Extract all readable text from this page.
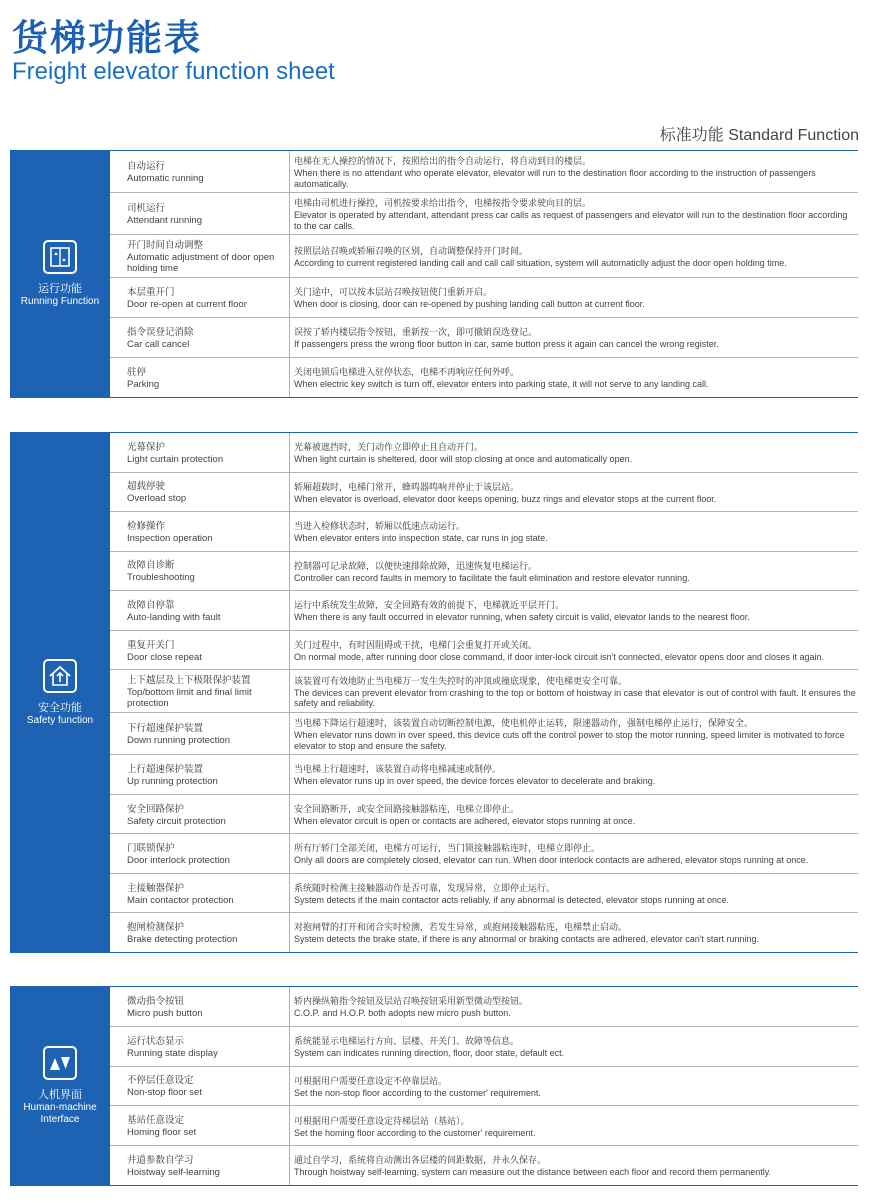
货梯功能表
Freight elevator function sheet
标准功能 Standard Function
运行功能
Running Function
自动运行
Automatic running
电梯在无人操控的情况下，按照给出的指令自动运行，将自动到目的楼层。
When there is no attendant who operate elevator, elevator will run to the destination floor according to the instruction of passengers automatically.
司机运行
Attendant running
电梯由司机进行操控，司机按要求给出指令，电梯按指令要求驶向目的层。
Elevator is operated by attendant, attendant press car calls as request of passengers and elevator will run to the destination floor according to the car calls.
开门时间自动调整
Automatic adjustment of door open holding time
按照层站召唤或轿厢召唤的区别，自动调整保持开门时间。
According to current registered landing call and call call situation, system will automaticlly adjust the door open holding time.
本层重开门
Door re-open at current floor
关门途中，可以按本层站召唤按钮使门重新开启。
When door is closing, door can re-opened by pushing landing call button at current floor.
指令误登记消除
Car call cancel
误按了轿内楼层指令按钮，重新按一次，即可撤销误选登记。
If passengers press the wrong floor button in car, same button press it again can cancel the wrong register.
驻停
Parking
关闭电锁后电梯进入驻停状态，电梯不再响应任何外呼。
When electric key switch is turn off, elevator enters into parking state, it will not serve to any landing call.
安全功能
Safety function
光幕保护
Light curtain protection
光幕被遮挡时，关门动作立即停止且自动开门。
When light curtain is sheltered, door will stop closing at once and automatically open.
超载停驶
Overload stop
轿厢超载时，电梯门常开，蜂鸣器鸣响并停止于该层站。
When elevator is overload, elevator door keeps opening, buzz rings and elevator stops at the current floor.
检修操作
Inspection operation
当进入检修状态时，轿厢以低速点动运行。
When elevator enters into inspection state, car runs in jog state.
故障自诊断
Troubleshooting
控制器可记录故障，以便快速排除故障，迅速恢复电梯运行。
Controller can record faults in memory to facilitate the fault elimination and restore elevator running.
故障自停靠
Auto-landing with fault
运行中系统发生故障，安全回路有效的前提下，电梯就近平层开门。
When there is any fault occurred in elevator running, when safety circuit is valid, elevator lands to the nearest floor.
重复开关门
Door close repeat
关门过程中，有时因阻碍或干扰，电梯门会重复打开或关闭。
On normal mode, after running door close command, if door inter-lock circuit isn't connected, elevator opens door and closes it again.
上下越层及上下极限保护装置
Top/bottom limit and final limit protection
该装置可有效地防止当电梯万一发生失控时的冲顶或撞底现象，使电梯更安全可靠。
The devices can prevent elevator from crashing to the top or bottom of hoistway in case that elevator is out of control with fault. It ensures the safety and reliability.
下行超速保护装置
Down running protection
当电梯下降运行超速时，该装置自动切断控制电源，使电机停止运转，限速器动作，强制电梯停止运行，保障安全。
When elevator runs down in over speed, this device cuts off the control power to stop the motor running, speed limiter is motivated to force elevator to stop and ensure the safety.
上行超速保护装置
Up running protection
当电梯上行超速时，该装置自动将电梯减速或制停。
When elevator runs up in over speed, the device forces elevator to decelerate and braking.
安全回路保护
Safety circuit protection
安全回路断开，或安全回路接触器粘连，电梯立即停止。
When elevator circuit is open or contacts are adhered, elevator stops running at once.
门联锁保护
Door interlock protection
所有厅轿门全部关闭，电梯方可运行，当门锁接触器粘连时，电梯立即停止。
Only all doors are completely closed, elevator can run. When door interlock contacts are adhered, elevator stops running at once.
主接触器保护
Main contactor protection
系统随时检测主接触器动作是否可靠，发现异常，立即停止运行。
System detects if the main contactor acts reliably, if any abnormal is detected, elevator stops running at once.
抱闸检测保护
Brake detecting protection
对抱闸臂的打开和闭合实时检测，若发生异常，或抱闸接触器粘连，电梯禁止启动。
System detects the brake state, if there is any abnormal or braking contacts are adhered, elevator can't start running.
人机界面
Human-machine Interface
微动指令按钮
Micro push button
轿内操纵箱指令按钮及层站召唤按钮采用新型微动型按钮。
C.O.P. and H.O.P. both adopts new micro push button.
运行状态显示
Running state display
系统能显示电梯运行方向、层楼、开关门、故障等信息。
System can indicates running direction, floor, door state, default ect.
不停层任意设定
Non-stop floor set
可根据用户需要任意设定不停靠层站。
Set the non-stop floor according to the customer' requirement.
基站任意设定
Homing floor set
可根据用户需要任意设定待梯层站（基站）。
Set the homing floor according to the customer' requirement.
井道参数自学习
Hoistway self-learning
通过自学习，系统将自动测出各层楼的间距数据，并永久保存。
Through hoistway self-learning, system can measure out the distance between each floor and record them permanently.
